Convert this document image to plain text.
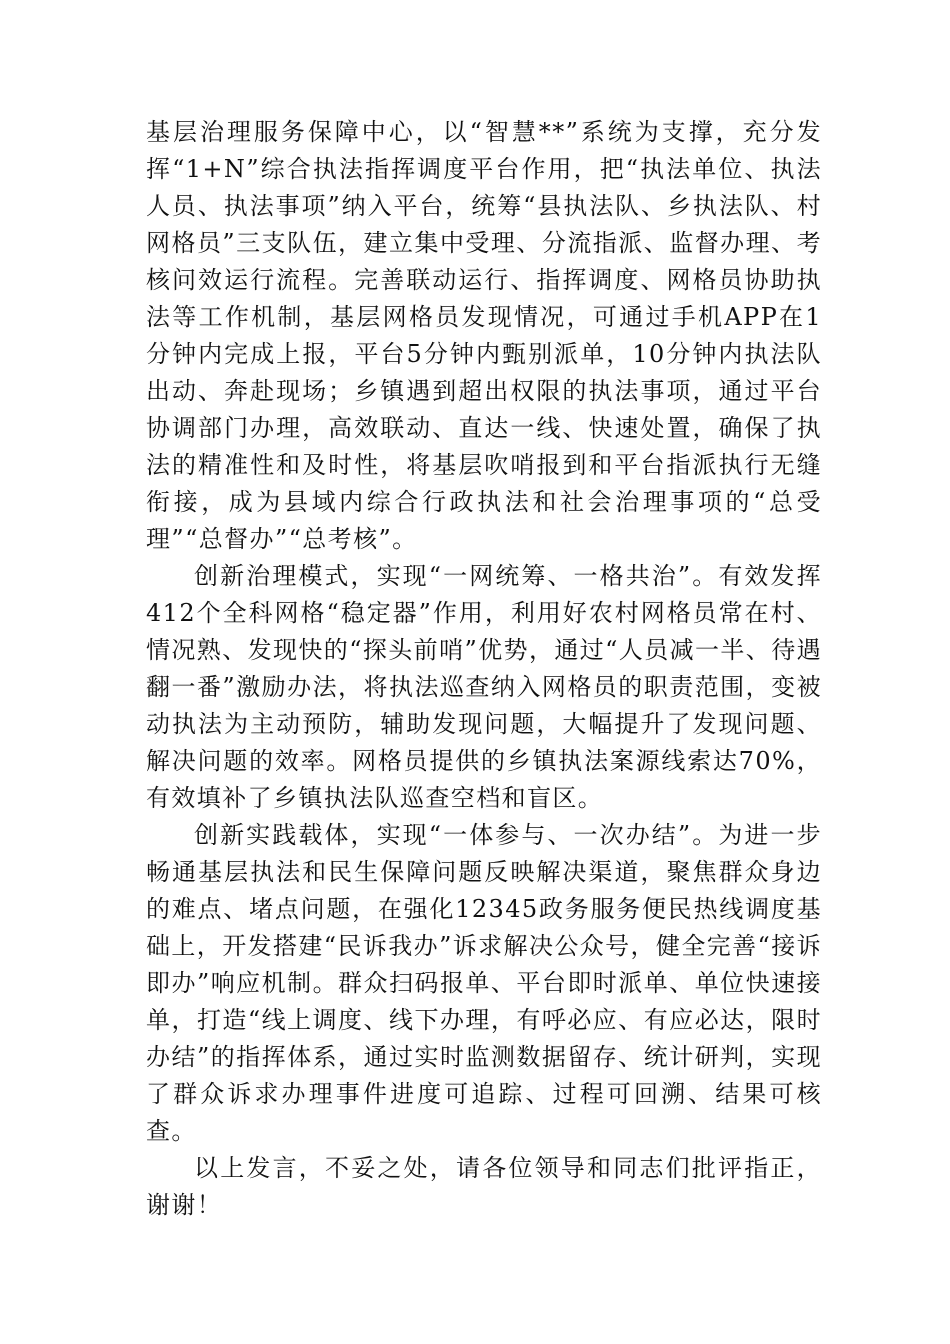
基层治理服务保障中心，以“智慧**”系统为支撑，充分发挥“1+N”综合执法指挥调度平台作用，把“执法单位、执法人员、执法事项”纳入平台，统筹“县执法队、乡执法队、村网格员”三支队伍，建立集中受理、分流指派、监督办理、考核问效运行流程。完善联动运行、指挥调度、网格员协助执法等工作机制，基层网格员发现情况，可通过手机APP在1分钟内完成上报，平台5分钟内甄别派单，10分钟内执法队出动、奔赴现场；乡镇遇到超出权限的执法事项，通过平台协调部门办理，高效联动、直达一线、快速处置，确保了执法的精准性和及时性，将基层吹哨报到和平台指派执行无缝衔接，成为县域内综合行政执法和社会治理事项的“总受理”“总督办”“总考核”。

创新治理模式，实现“一网统筹、一格共治”。有效发挥412个全科网格“稳定器”作用，利用好农村网格员常在村、情况熟、发现快的“探头前哨”优势，通过“人员减一半、待遇翻一番”激励办法，将执法巡查纳入网格员的职责范围，变被动执法为主动预防，辅助发现问题，大幅提升了发现问题、解决问题的效率。网格员提供的乡镇执法案源线索达70%，有效填补了乡镇执法队巡查空档和盲区。

创新实践载体，实现“一体参与、一次办结”。为进一步畅通基层执法和民生保障问题反映解决渠道，聚焦群众身边的难点、堵点问题，在强化12345政务服务便民热线调度基础上，开发搭建“民诉我办”诉求解决公众号，健全完善“接诉即办”响应机制。群众扫码报单、平台即时派单、单位快速接单，打造“线上调度、线下办理，有呼必应、有应必达，限时办结”的指挥体系，通过实时监测数据留存、统计研判，实现了群众诉求办理事件进度可追踪、过程可回溯、结果可核查。

以上发言，不妥之处，请各位领导和同志们批评指正，谢谢！
